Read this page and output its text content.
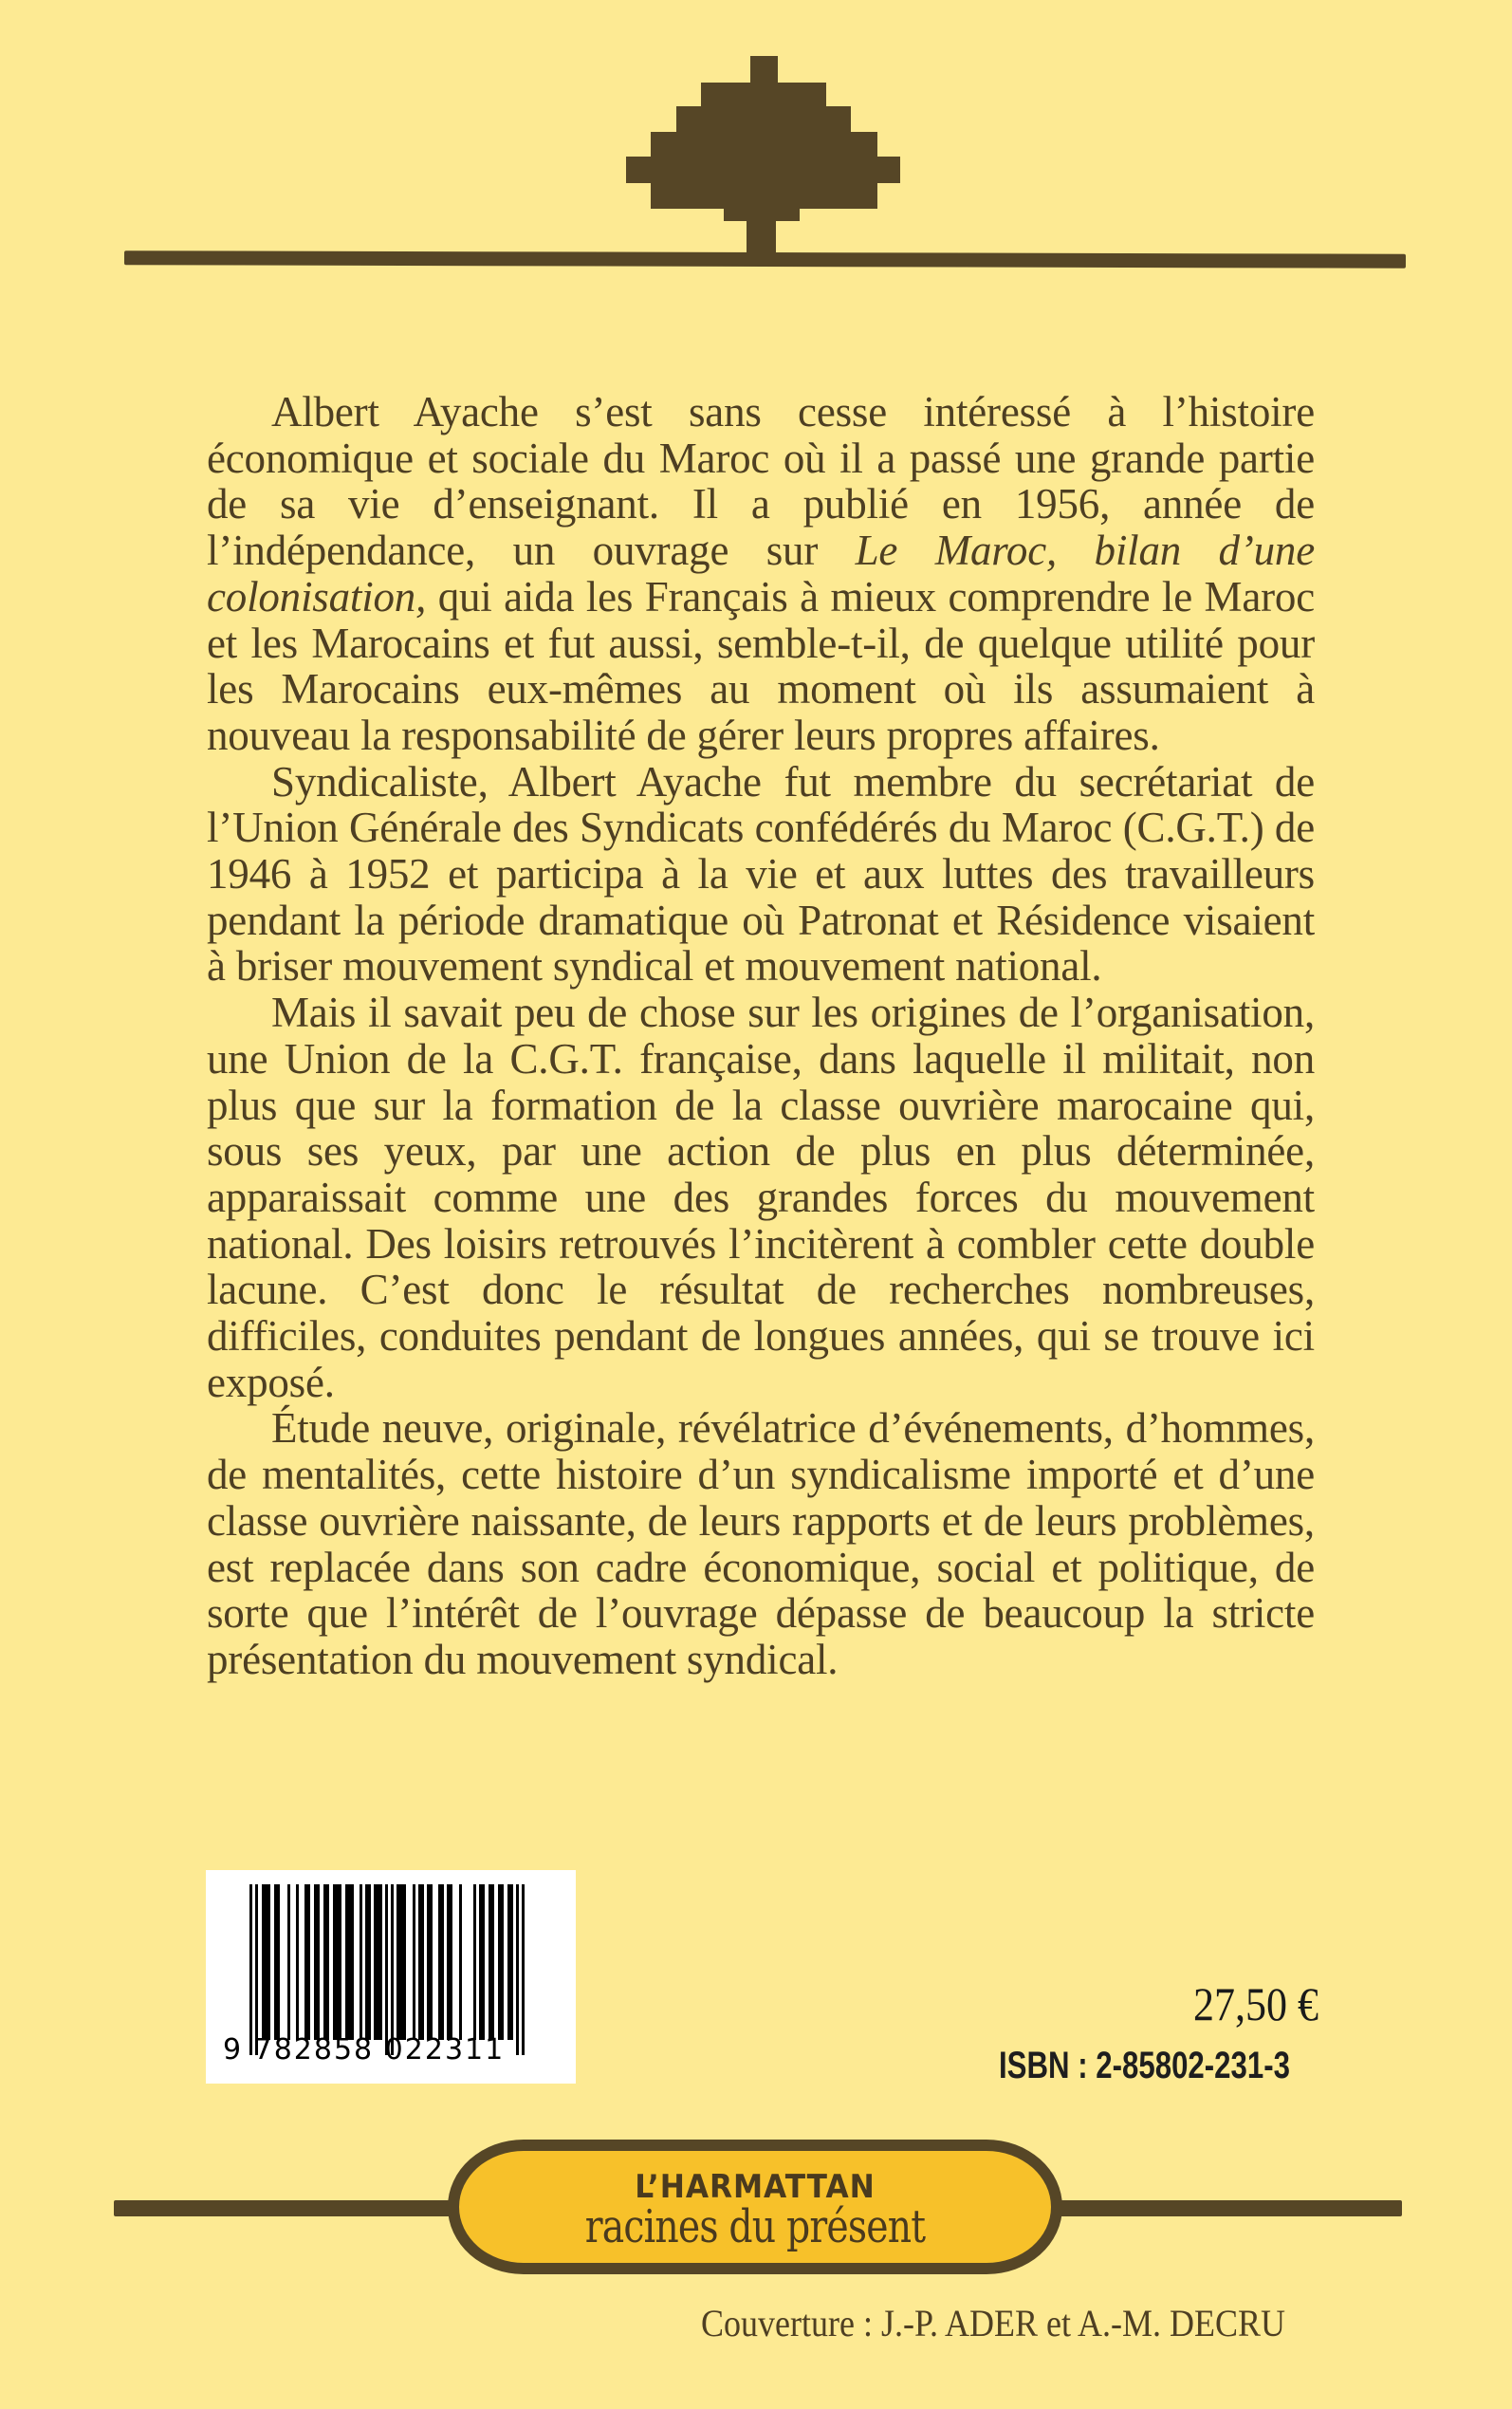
Albert Ayache s’est sans cesse intéressé à l’histoire économique et sociale du Maroc où il a passé une grande partie de sa vie d’enseignant. Il a publié en 1956, année de l’indépendance, un ouvrage sur Le Maroc, bilan d’une colonisation, qui aida les Français à mieux comprendre le Maroc et les Marocains et fut aussi, semble-t-il, de quelque utilité pour les Marocains eux-mêmes au moment où ils assumaient à nouveau la responsabilité de gérer leurs propres affaires.

Syndicaliste, Albert Ayache fut membre du secrétariat de l’Union Générale des Syndicats confédérés du Maroc (C.G.T.) de 1946 à 1952 et participa à la vie et aux luttes des travailleurs pendant la période dramatique où Patronat et Résidence visaient à briser mouvement syndical et mouvement national.

Mais il savait peu de chose sur les origines de l’organisation, une Union de la C.G.T. française, dans laquelle il militait, non plus que sur la formation de la classe ouvrière marocaine qui, sous ses yeux, par une action de plus en plus déterminée, apparaissait comme une des grandes forces du mouvement national. Des loisirs retrouvés l’incitèrent à combler cette double lacune. C’est donc le résultat de recherches nombreuses, difficiles, conduites pendant de longues années, qui se trouve ici exposé.

Étude neuve, originale, révélatrice d’événements, d’hommes, de mentalités, cette histoire d’un syndicalisme importé et d’une classe ouvrière naissante, de leurs rapports et de leurs problèmes, est replacée dans son cadre économique, social et politique, de sorte que l’intérêt de l’ouvrage dépasse de beaucoup la stricte présentation du mouvement syndical.

9 782858 022311
27,50 €
ISBN : 2-85802-231-3
L’HARMATTAN
racines du présent
Couverture : J.-P. ADER et A.-M. DECRU
